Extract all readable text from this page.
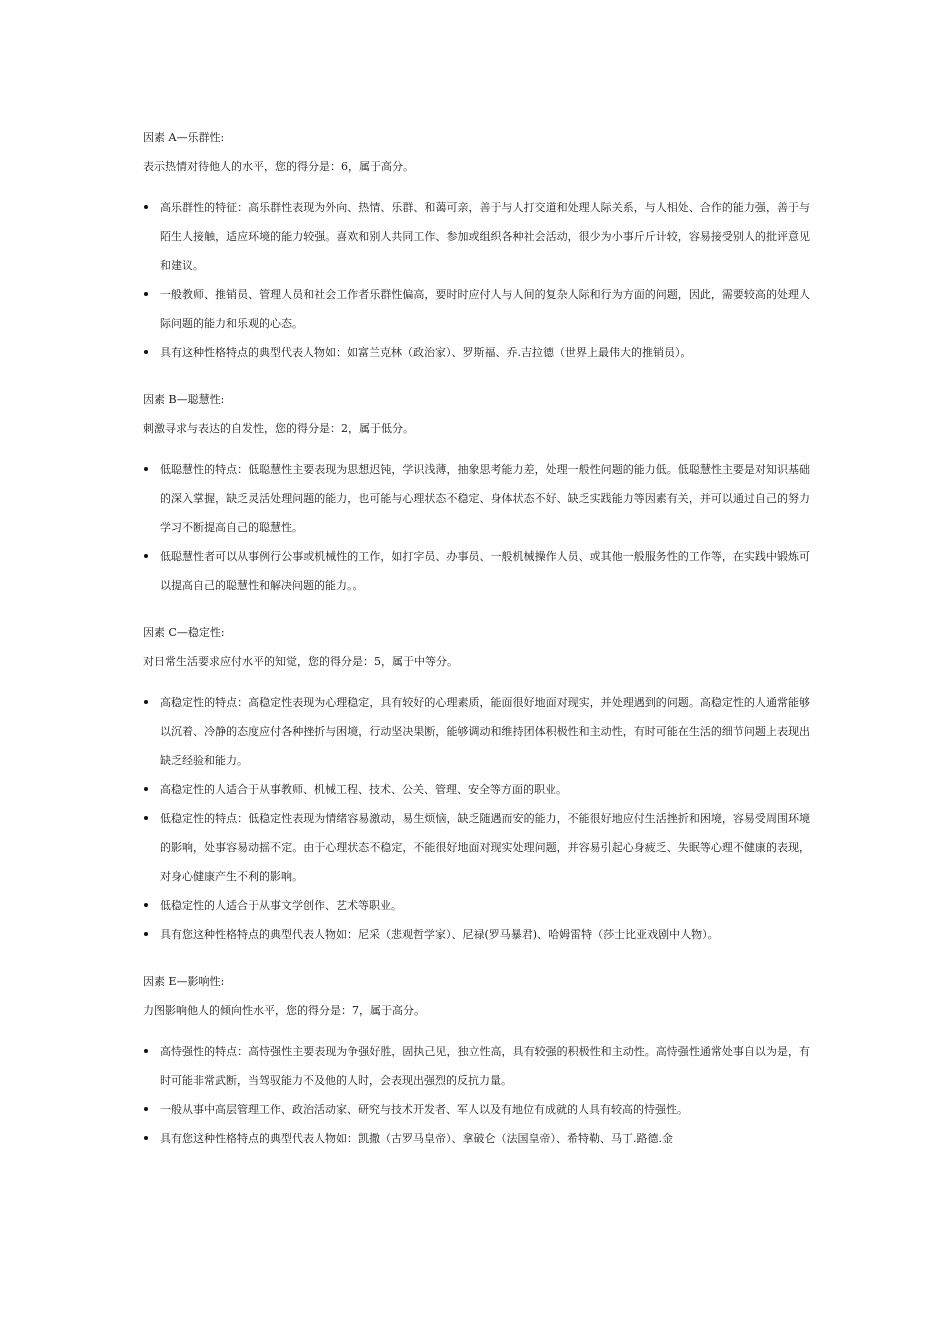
因素 A—乐群性:

表示热情对待他人的水平，您的得分是：6，属于高分。

高乐群性的特征：高乐群性表现为外向、热情、乐群、和蔼可亲，善于与人打交道和处理人际关系，与人相处、合作的能力强，善于与陌生人接触，适应环境的能力较强。喜欢和别人共同工作、参加或组织各种社会活动，很少为小事斤斤计较，容易接受别人的批评意见和建议。
一般教师、推销员、管理人员和社会工作者乐群性偏高，要时时应付人与人间的复杂人际和行为方面的问题，因此，需要较高的处理人际问题的能力和乐观的心态。
具有这种性格特点的典型代表人物如：如富兰克林（政治家）、罗斯福、乔.吉拉德（世界上最伟大的推销员）。

因素 B—聪慧性:

刺激寻求与表达的自发性，您的得分是：2，属于低分。

低聪慧性的特点：低聪慧性主要表现为思想迟钝，学识浅薄，抽象思考能力差，处理一般性问题的能力低。低聪慧性主要是对知识基础的深入掌握，缺乏灵活处理问题的能力，也可能与心理状态不稳定、身体状态不好、缺乏实践能力等因素有关，并可以通过自己的努力学习不断提高自己的聪慧性。
低聪慧性者可以从事例行公事或机械性的工作，如打字员、办事员、一般机械操作人员、或其他一般服务性的工作等，在实践中锻炼可以提高自己的聪慧性和解决问题的能力。。

因素 C—稳定性:

对日常生活要求应付水平的知觉，您的得分是：5，属于中等分。

高稳定性的特点：高稳定性表现为心理稳定，具有较好的心理素质，能面很好地面对现实，并处理遇到的问题。高稳定性的人通常能够以沉着、冷静的态度应付各种挫折与困境，行动坚决果断，能够调动和维持团体积极性和主动性，有时可能在生活的细节问题上表现出缺乏经验和能力。
高稳定性的人适合于从事教师、机械工程、技术、公关、管理、安全等方面的职业。
低稳定性的特点：低稳定性表现为情绪容易激动，易生烦恼，缺乏随遇而安的能力，不能很好地应付生活挫折和困境，容易受周围环境的影响，处事容易动摇不定。由于心理状态不稳定，不能很好地面对现实处理问题，并容易引起心身疲乏、失眠等心理不健康的表现，对身心健康产生不利的影响。
低稳定性的人适合于从事文学创作、艺术等职业。
具有您这种性格特点的典型代表人物如：尼采（悲观哲学家）、尼禄(罗马暴君)、哈姆雷特（莎士比亚戏剧中人物）。

因素 E—影响性:

力图影响他人的倾向性水平，您的得分是：7，属于高分。

高恃强性的特点：高恃强性主要表现为争强好胜，固执己见，独立性高，具有较强的积极性和主动性。高恃强性通常处事自以为是，有时可能非常武断，当驾驭能力不及他的人时，会表现出强烈的反抗力量。
一般从事中高层管理工作、政治活动家、研究与技术开发者、军人以及有地位有成就的人具有较高的恃强性。
具有您这种性格特点的典型代表人物如：凯撒（古罗马皇帝）、拿破仑（法国皇帝）、希特勒、马丁.路德.金
